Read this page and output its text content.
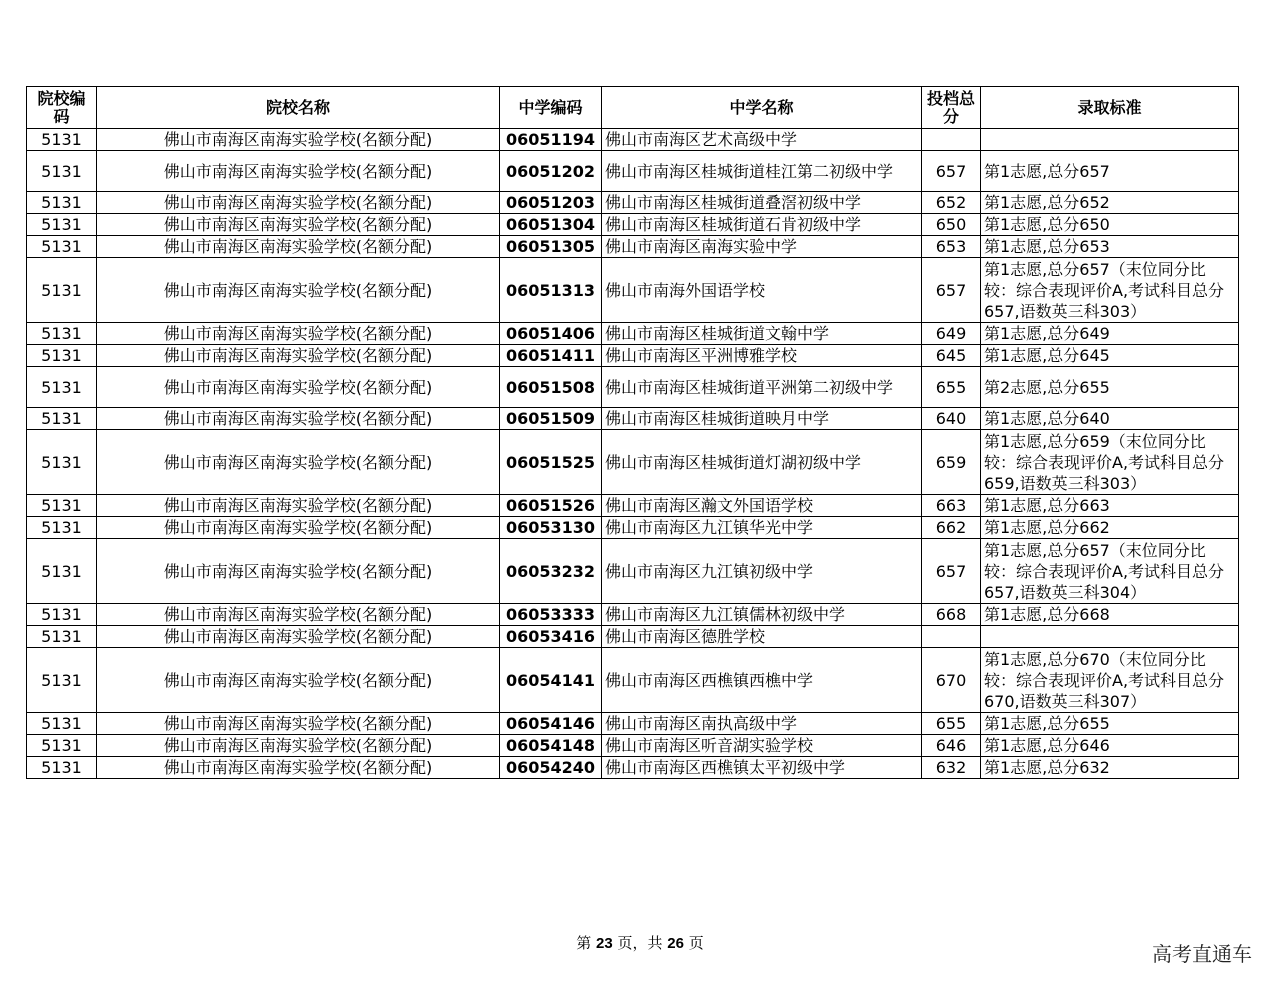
院校编码	院校名称	中学编码	中学名称	投档总分	录取标准
5131	佛山市南海区南海实验学校(名额分配)	06051194	佛山市南海区艺术高级中学		
5131	佛山市南海区南海实验学校(名额分配)	06051202	佛山市南海区桂城街道桂江第二初级中学	657	第1志愿,总分657
5131	佛山市南海区南海实验学校(名额分配)	06051203	佛山市南海区桂城街道叠滘初级中学	652	第1志愿,总分652
5131	佛山市南海区南海实验学校(名额分配)	06051304	佛山市南海区桂城街道石肯初级中学	650	第1志愿,总分650
5131	佛山市南海区南海实验学校(名额分配)	06051305	佛山市南海区南海实验中学	653	第1志愿,总分653
5131	佛山市南海区南海实验学校(名额分配)	06051313	佛山市南海外国语学校	657	第1志愿,总分657（末位同分比较：综合表现评价A,考试科目总分657,语数英三科303）
5131	佛山市南海区南海实验学校(名额分配)	06051406	佛山市南海区桂城街道文翰中学	649	第1志愿,总分649
5131	佛山市南海区南海实验学校(名额分配)	06051411	佛山市南海区平洲博雅学校	645	第1志愿,总分645
5131	佛山市南海区南海实验学校(名额分配)	06051508	佛山市南海区桂城街道平洲第二初级中学	655	第2志愿,总分655
5131	佛山市南海区南海实验学校(名额分配)	06051509	佛山市南海区桂城街道映月中学	640	第1志愿,总分640
5131	佛山市南海区南海实验学校(名额分配)	06051525	佛山市南海区桂城街道灯湖初级中学	659	第1志愿,总分659（末位同分比较：综合表现评价A,考试科目总分659,语数英三科303）
5131	佛山市南海区南海实验学校(名额分配)	06051526	佛山市南海区瀚文外国语学校	663	第1志愿,总分663
5131	佛山市南海区南海实验学校(名额分配)	06053130	佛山市南海区九江镇华光中学	662	第1志愿,总分662
5131	佛山市南海区南海实验学校(名额分配)	06053232	佛山市南海区九江镇初级中学	657	第1志愿,总分657（末位同分比较：综合表现评价A,考试科目总分657,语数英三科304）
5131	佛山市南海区南海实验学校(名额分配)	06053333	佛山市南海区九江镇儒林初级中学	668	第1志愿,总分668
5131	佛山市南海区南海实验学校(名额分配)	06053416	佛山市南海区德胜学校		
5131	佛山市南海区南海实验学校(名额分配)	06054141	佛山市南海区西樵镇西樵中学	670	第1志愿,总分670（末位同分比较：综合表现评价A,考试科目总分670,语数英三科307）
5131	佛山市南海区南海实验学校(名额分配)	06054146	佛山市南海区南执高级中学	655	第1志愿,总分655
5131	佛山市南海区南海实验学校(名额分配)	06054148	佛山市南海区听音湖实验学校	646	第1志愿,总分646
5131	佛山市南海区南海实验学校(名额分配)	06054240	佛山市南海区西樵镇太平初级中学	632	第1志愿,总分632
第 23 页，共 26 页	高考直通车
